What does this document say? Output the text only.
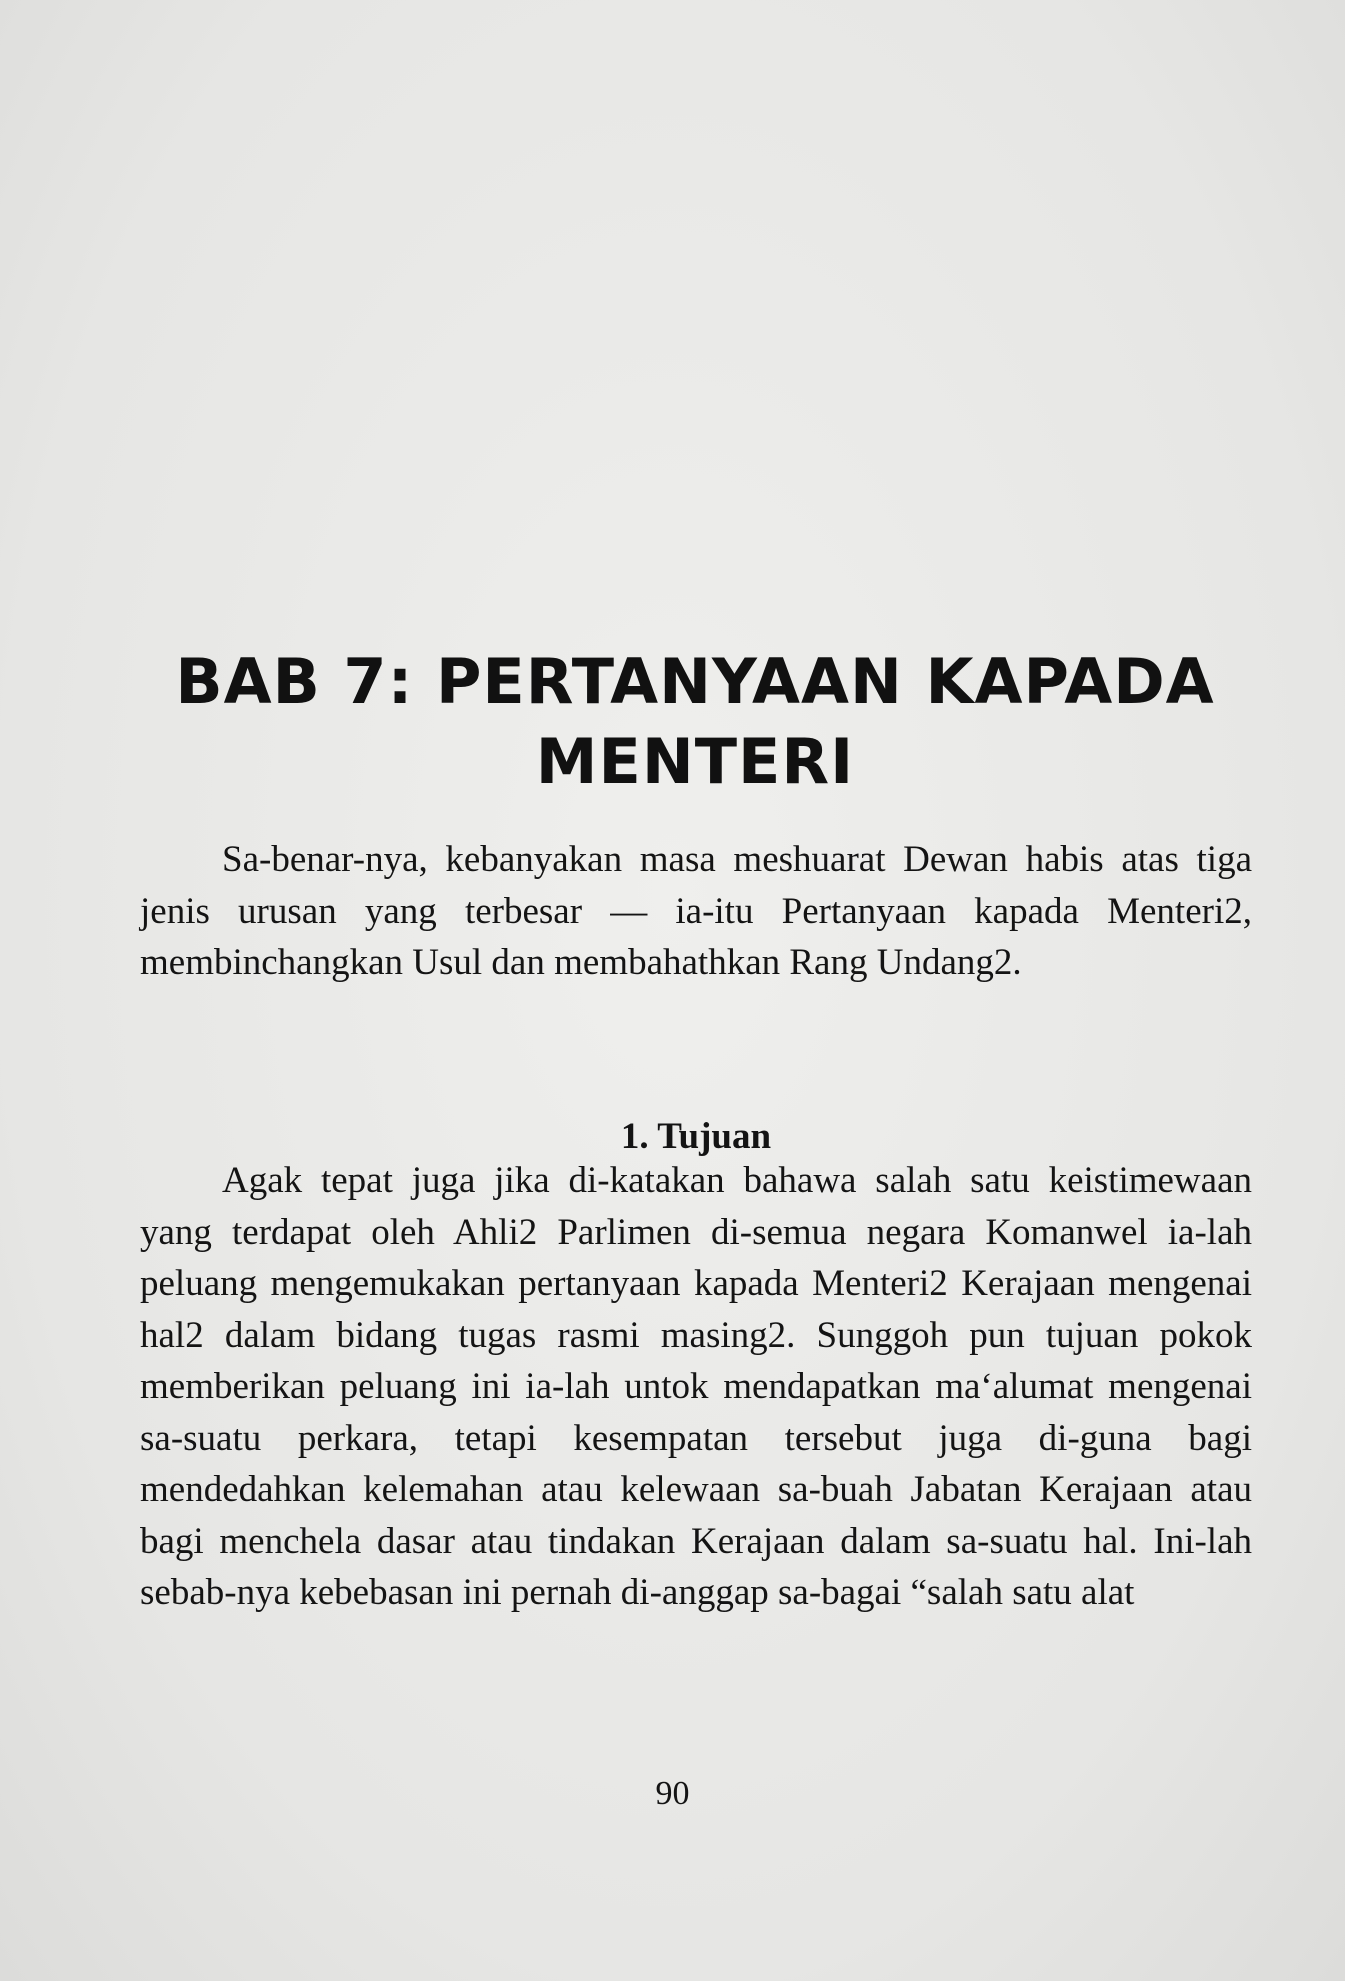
BAB 7: PERTANYAAN KAPADA
MENTERI

Sa-benar-nya, kebanyakan masa meshuarat Dewan habis atas tiga jenis urusan yang terbesar — ia-itu Pertanyaan kapada Menteri2, membinchangkan Usul dan membahathkan Rang Undang2.

1. Tujuan

Agak tepat juga jika di-katakan bahawa salah satu keistimewaan yang terdapat oleh Ahli2 Parlimen di-semua negara Komanwel ia-lah peluang mengemukakan pertanyaan kapada Menteri2 Kerajaan mengenai hal2 dalam bidang tugas rasmi masing2. Sunggoh pun tujuan pokok memberikan peluang ini ia-lah untok mendapatkan ma‘alumat mengenai sa-suatu perkara, tetapi kesempatan tersebut juga di-guna bagi mendedahkan kelemahan atau kelewaan sa-buah Jabatan Kerajaan atau bagi menchela dasar atau tindakan Kerajaan dalam sa-suatu hal. Ini-lah sebab-nya kebebasan ini pernah di-anggap sa-bagai “salah satu alat

90
